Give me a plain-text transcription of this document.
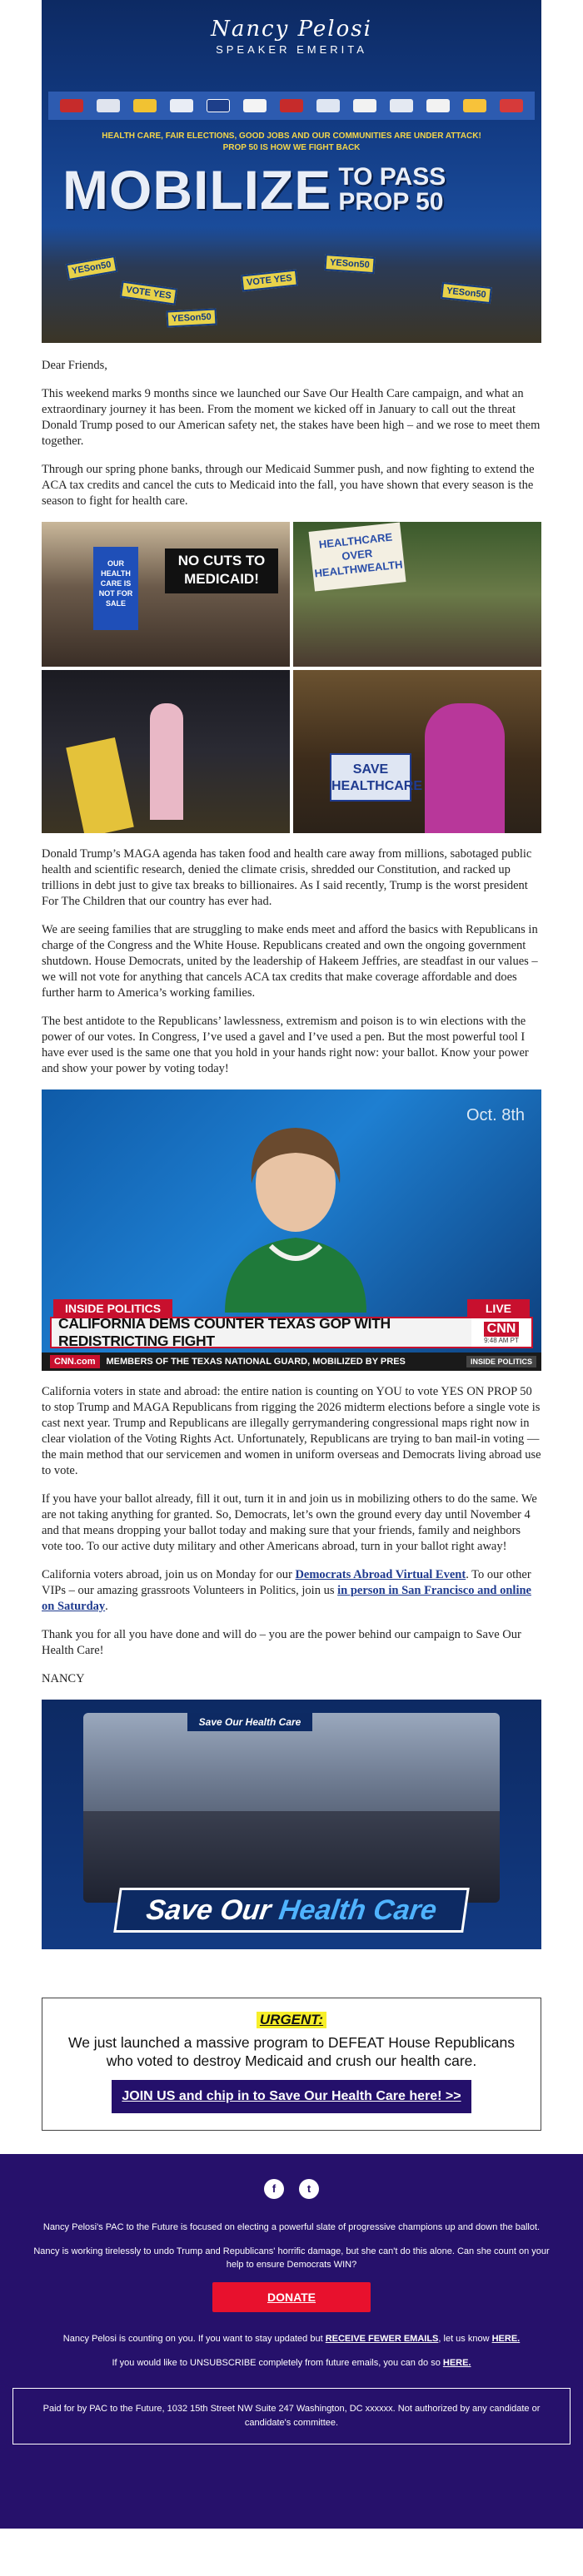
Nancy Pelosi
SPEAKER EMERITA
HEALTH CARE, FAIR ELECTIONS, GOOD JOBS AND OUR COMMUNITIES ARE UNDER ATTACK! PROP 50 IS HOW WE FIGHT BACK
MOBILIZE TO PASS
PROP 50
YESon50
VOTE YES
VOTE YES
YESon50
YESon50
YESon50

Dear Friends,

This weekend marks 9 months since we launched our Save Our Health Care campaign, and what an extraordinary journey it has been. From the moment we kicked off in January to call out the threat Donald Trump posed to our American safety net, the stakes have been high – and we rose to meet them together.

Through our spring phone banks, through our Medicaid Summer push, and now fighting to extend the ACA tax credits and cancel the cuts to Medicaid into the fall, you have shown that every season is the season to fight for health care.

OUR HEALTH CARE IS NOT FOR SALE
NO CUTS TO MEDICAID!
HEALTHCARE OVER HEALTHWEALTH
SAVE HEALTHCARE

Donald Trump’s MAGA agenda has taken food and health care away from millions, sabotaged public health and scientific research, denied the climate crisis, shredded our Constitution, and racked up trillions in debt just to give tax breaks to billionaires. As I said recently, Trump is the worst president For The Children that our country has ever had.

We are seeing families that are struggling to make ends meet and afford the basics with Republicans in charge of the Congress and the White House. Republicans created and own the ongoing government shutdown. House Democrats, united by the leadership of Hakeem Jeffries, are steadfast in our values – we will not vote for anything that cancels ACA tax credits that make coverage affordable and does further harm to America’s working families.

The best antidote to the Republicans’ lawlessness, extremism and poison is to win elections with the power of our votes. In Congress, I’ve used a gavel and I’ve used a pen. But the most powerful tool I have ever used is the same one that you hold in your hands right now: your ballot. Know your power and show your power by voting today!

Oct. 8th
INSIDE POLITICS	LIVE
CALIFORNIA DEMS COUNTER TEXAS GOP WITH REDISTRICTING FIGHT
CNN
9:48 AM PT
CNN.com	MEMBERS OF THE TEXAS NATIONAL GUARD, MOBILIZED BY PRES	INSIDE POLITICS

California voters in state and abroad: the entire nation is counting on YOU to vote YES ON PROP 50 to stop Trump and MAGA Republicans from rigging the 2026 midterm elections before a single vote is cast next year. Trump and Republicans are illegally gerrymandering congressional maps right now in clear violation of the Voting Rights Act. Unfortunately, Republicans are trying to ban mail-in voting — the main method that our servicemen and women in uniform overseas and Democrats living abroad use to vote.

If you have your ballot already, fill it out, turn it in and join us in mobilizing others to do the same. We are not taking anything for granted. So, Democrats, let’s own the ground every day until November 4 and that means dropping your ballot today and making sure that your friends, family and neighbors vote too. To our active duty military and other Americans abroad, turn in your ballot right away!

California voters abroad, join us on Monday for our Democrats Abroad Virtual Event. To our other VIPs – our amazing grassroots Volunteers in Politics, join us in person in San Francisco and online on Saturday.

Thank you for all you have done and will do – you are the power behind our campaign to Save Our Health Care!

NANCY

Save Our Health Care
Save Our Health Care
URGENT:
We just launched a massive program to DEFEAT House Republicans who voted to destroy Medicaid and crush our health care.
JOIN US and chip in to Save Our Health Care here! >>
f	t

Nancy Pelosi's PAC to the Future is focused on electing a powerful slate of progressive champions up and down the ballot.

Nancy is working tirelessly to undo Trump and Republicans' horrific damage, but she can't do this alone. Can she count on your help to ensure Democrats WIN?

DONATE

Nancy Pelosi is counting on you. If you want to stay updated but RECEIVE FEWER EMAILS, let us know HERE.

If you would like to UNSUBSCRIBE completely from future emails, you can do so HERE.

Paid for by PAC to the Future, 1032 15th Street NW Suite 247 Washington, DC xxxxxx. Not authorized by any candidate or candidate's committee.
